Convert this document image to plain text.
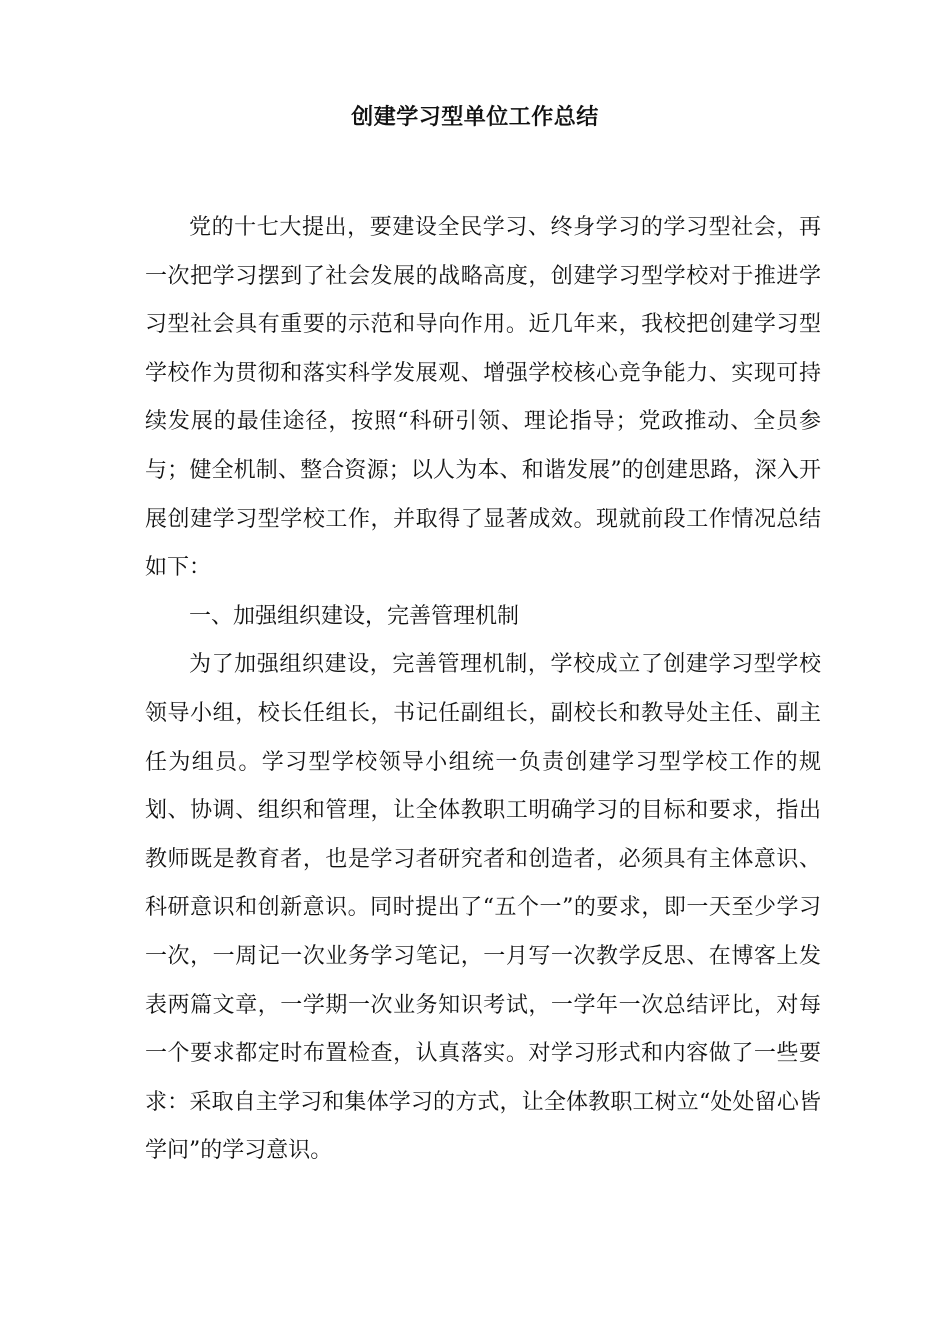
创建学习型单位工作总结

党的十七大提出，要建设全民学习、终身学习的学习型社会，再一次把学习摆到了社会发展的战略高度，创建学习型学校对于推进学习型社会具有重要的示范和导向作用。近几年来，我校把创建学习型学校作为贯彻和落实科学发展观、增强学校核心竞争能力、实现可持续发展的最佳途径，按照“科研引领、理论指导；党政推动、全员参与；健全机制、整合资源；以人为本、和谐发展”的创建思路，深入开展创建学习型学校工作，并取得了显著成效。现就前段工作情况总结如下：

一、加强组织建设，完善管理机制

为了加强组织建设，完善管理机制，学校成立了创建学习型学校领导小组，校长任组长，书记任副组长，副校长和教导处主任、副主任为组员。学习型学校领导小组统一负责创建学习型学校工作的规划、协调、组织和管理，让全体教职工明确学习的目标和要求，指出教师既是教育者，也是学习者研究者和创造者，必须具有主体意识、科研意识和创新意识。同时提出了“五个一”的要求，即一天至少学习一次，一周记一次业务学习笔记，一月写一次教学反思、在博客上发表两篇文章，一学期一次业务知识考试，一学年一次总结评比，对每一个要求都定时布置检查，认真落实。对学习形式和内容做了一些要求：采取自主学习和集体学习的方式，让全体教职工树立“处处留心皆学问”的学习意识。
